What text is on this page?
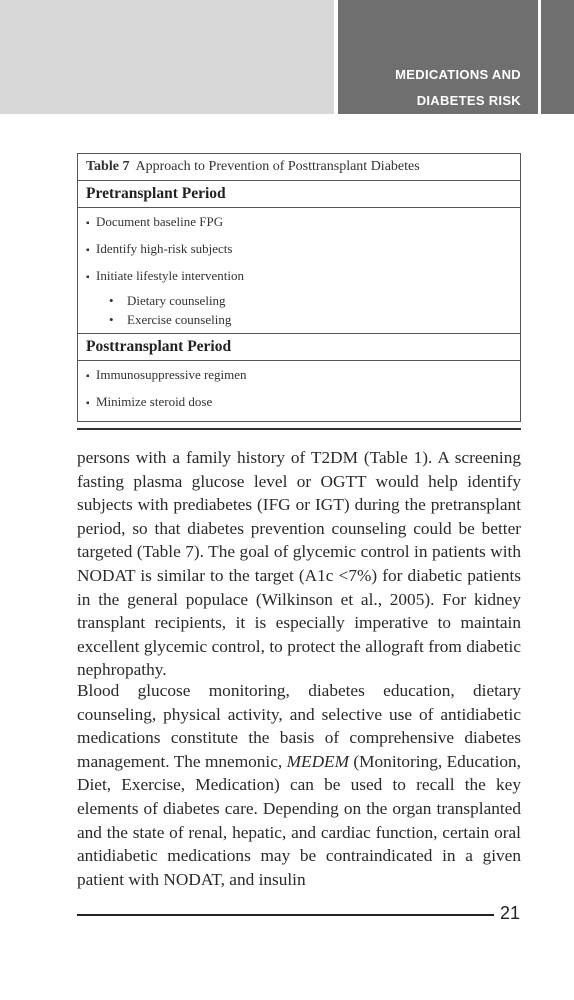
MEDICATIONS AND
DIABETES RISK
Table 7 Approach to Prevention of Posttransplant Diabetes
Pretransplant Period

▪ Document baseline FPG
▪ Identify high-risk subjects
▪ Initiate lifestyle intervention
• Dietary counseling
• Exercise counseling

Posttransplant Period

▪ Immunosuppressive regimen
▪ Minimize steroid dose

persons with a family history of T2DM (Table 1). A screening fasting plasma glucose level or OGTT would help identify subjects with prediabetes (IFG or IGT) during the pretransplant period, so that diabetes prevention counseling could be better targeted (Table 7). The goal of glycemic control in patients with NODAT is similar to the target (A1c <7%) for diabetic patients in the general populace (Wilkinson et al., 2005). For kidney transplant recipients, it is especially imperative to maintain excellent glycemic control, to protect the allograft from diabetic nephropathy.

Blood glucose monitoring, diabetes education, dietary counseling, physical activity, and selective use of antidiabetic medications constitute the basis of comprehensive diabetes management. The mnemonic, MEDEM (Monitoring, Education, Diet, Exercise, Medication) can be used to recall the key elements of diabetes care. Depending on the organ transplanted and the state of renal, hepatic, and cardiac function, certain oral antidiabetic medications may be contraindicated in a given patient with NODAT, and insulin

21
